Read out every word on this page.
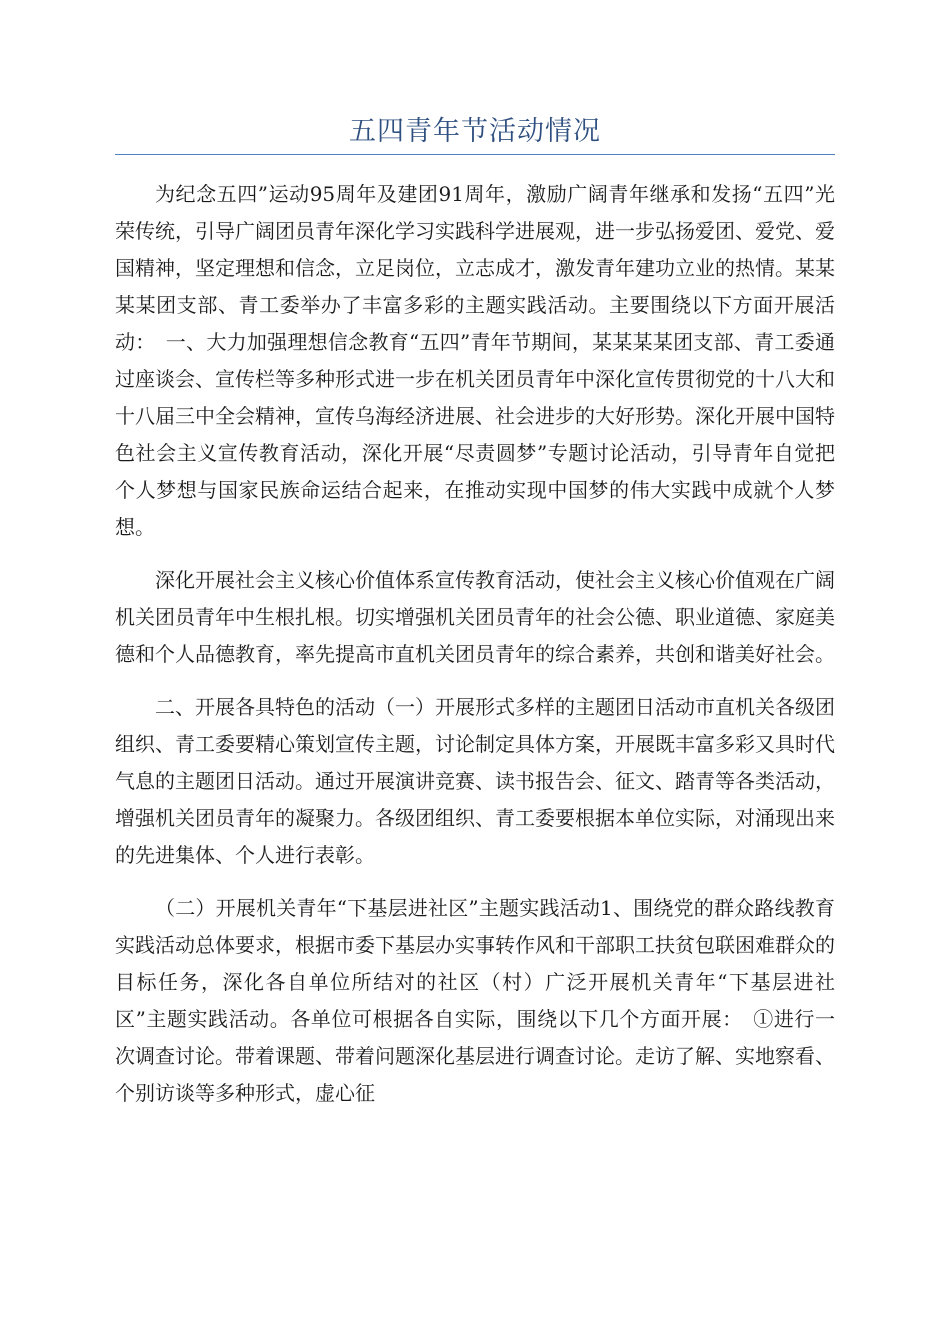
五四青年节活动情况

为纪念五四”运动95周年及建团91周年，激励广阔青年继承和发扬“五四”光荣传统，引导广阔团员青年深化学习实践科学进展观，进一步弘扬爱团、爱党、爱国精神，坚定理想和信念，立足岗位，立志成才，激发青年建功立业的热情。某某某某团支部、青工委举办了丰富多彩的主题实践活动。主要围绕以下方面开展活动：　一、大力加强理想信念教育“五四”青年节期间，某某某某团支部、青工委通过座谈会、宣传栏等多种形式进一步在机关团员青年中深化宣传贯彻党的十八大和十八届三中全会精神，宣传乌海经济进展、社会进步的大好形势。深化开展中国特色社会主义宣传教育活动，深化开展“尽责圆梦”专题讨论活动，引导青年自觉把个人梦想与国家民族命运结合起来，在推动实现中国梦的伟大实践中成就个人梦想。

深化开展社会主义核心价值体系宣传教育活动，使社会主义核心价值观在广阔机关团员青年中生根扎根。切实增强机关团员青年的社会公德、职业道德、家庭美德和个人品德教育，率先提高市直机关团员青年的综合素养，共创和谐美好社会。

二、开展各具特色的活动（一）开展形式多样的主题团日活动市直机关各级团组织、青工委要精心策划宣传主题，讨论制定具体方案，开展既丰富多彩又具时代气息的主题团日活动。通过开展演讲竞赛、读书报告会、征文、踏青等各类活动，增强机关团员青年的凝聚力。各级团组织、青工委要根据本单位实际，对涌现出来的先进集体、个人进行表彰。

（二）开展机关青年“下基层进社区”主题实践活动1、围绕党的群众路线教育实践活动总体要求，根据市委下基层办实事转作风和干部职工扶贫包联困难群众的目标任务，深化各自单位所结对的社区（村）广泛开展机关青年“下基层进社区”主题实践活动。各单位可根据各自实际，围绕以下几个方面开展：　①进行一次调查讨论。带着课题、带着问题深化基层进行调查讨论。走访了解、实地察看、个别访谈等多种形式，虚心征
